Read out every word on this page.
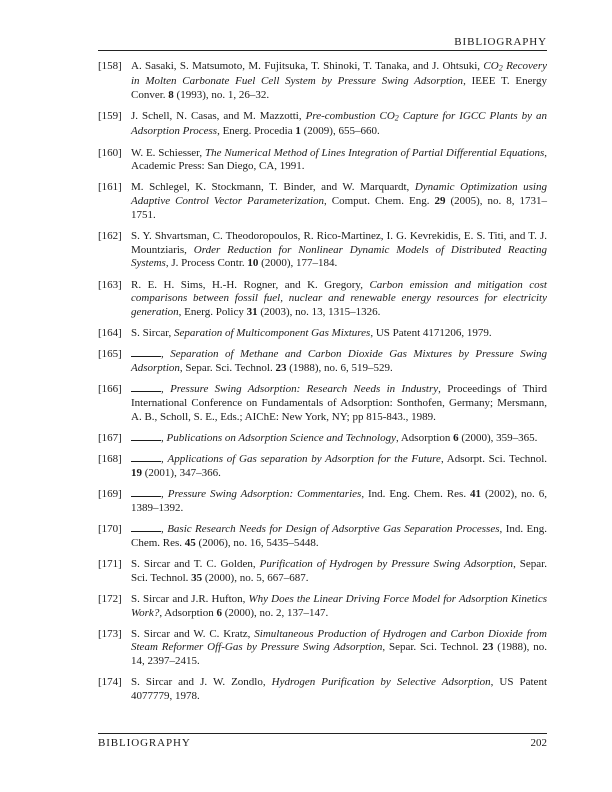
BIBLIOGRAPHY
[158] A. Sasaki, S. Matsumoto, M. Fujitsuka, T. Shinoki, T. Tanaka, and J. Ohtsuki, CO2 Recovery in Molten Carbonate Fuel Cell System by Pressure Swing Adsorption, IEEE T. Energy Conver. 8 (1993), no. 1, 26–32.
[159] J. Schell, N. Casas, and M. Mazzotti, Pre-combustion CO2 Capture for IGCC Plants by an Adsorption Process, Energ. Procedia 1 (2009), 655–660.
[160] W. E. Schiesser, The Numerical Method of Lines Integration of Partial Differential Equations, Academic Press: San Diego, CA, 1991.
[161] M. Schlegel, K. Stockmann, T. Binder, and W. Marquardt, Dynamic Optimization using Adaptive Control Vector Parameterization, Comput. Chem. Eng. 29 (2005), no. 8, 1731–1751.
[162] S. Y. Shvartsman, C. Theodoropoulos, R. Rico-Martinez, I. G. Kevrekidis, E. S. Titi, and T. J. Mountziaris, Order Reduction for Nonlinear Dynamic Models of Distributed Reacting Systems, J. Process Contr. 10 (2000), 177–184.
[163] R. E. H. Sims, H.-H. Rogner, and K. Gregory, Carbon emission and mitigation cost comparisons between fossil fuel, nuclear and renewable energy resources for electricity generation, Energ. Policy 31 (2003), no. 13, 1315–1326.
[164] S. Sircar, Separation of Multicomponent Gas Mixtures, US Patent 4171206, 1979.
[165]	, Separation of Methane and Carbon Dioxide Gas Mixtures by Pressure Swing Adsorption, Separ. Sci. Technol. 23 (1988), no. 6, 519–529.
[166]	, Pressure Swing Adsorption: Research Needs in Industry, Proceedings of Third International Conference on Fundamentals of Adsorption: Sonthofen, Germany; Mersmann, A. B., Scholl, S. E., Eds.; AIChE: New York, NY; pp 815-843., 1989.
[167]	, Publications on Adsorption Science and Technology, Adsorption 6 (2000), 359–365.
[168]	, Applications of Gas separation by Adsorption for the Future, Adsorpt. Sci. Technol. 19 (2001), 347–366.
[169]	, Pressure Swing Adsorption: Commentaries, Ind. Eng. Chem. Res. 41 (2002), no. 6, 1389–1392.
[170]	, Basic Research Needs for Design of Adsorptive Gas Separation Processes, Ind. Eng. Chem. Res. 45 (2006), no. 16, 5435–5448.
[171] S. Sircar and T. C. Golden, Purification of Hydrogen by Pressure Swing Adsorption, Separ. Sci. Technol. 35 (2000), no. 5, 667–687.
[172] S. Sircar and J.R. Hufton, Why Does the Linear Driving Force Model for Adsorption Kinetics Work?, Adsorption 6 (2000), no. 2, 137–147.
[173] S. Sircar and W. C. Kratz, Simultaneous Production of Hydrogen and Carbon Dioxide from Steam Reformer Off-Gas by Pressure Swing Adsorption, Separ. Sci. Technol. 23 (1988), no. 14, 2397–2415.
[174] S. Sircar and J. W. Zondlo, Hydrogen Purification by Selective Adsorption, US Patent 4077779, 1978.
BIBLIOGRAPHY	202
